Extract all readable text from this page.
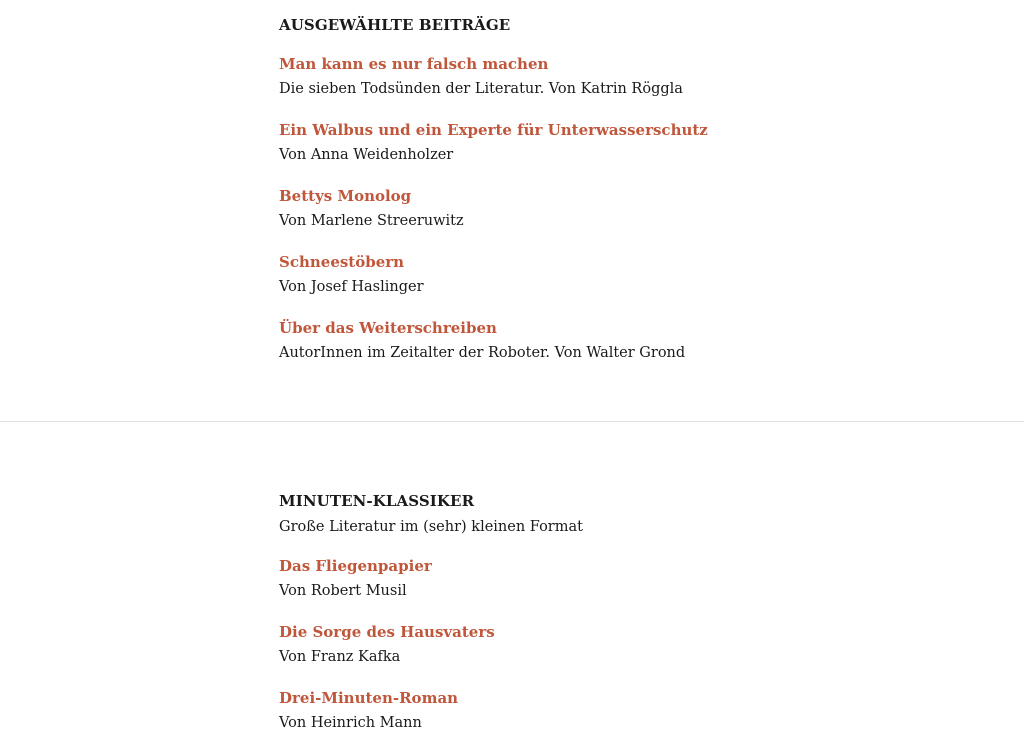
AUSGEWÄHLTE BEITRÄGE
Man kann es nur falsch machen
Die sieben Todsünden der Literatur. Von Katrin Röggla
Ein Walbus und ein Experte für Unterwasserschutz
Von Anna Weidenholzer
Bettys Monolog
Von Marlene Streeruwitz
Schneestöbern
Von Josef Haslinger
Über das Weiterschreiben
AutorInnen im Zeitalter der Roboter. Von Walter Grond
MINUTEN-KLASSIKER

Große Literatur im (sehr) kleinen Format

Das Fliegenpapier
Von Robert Musil
Die Sorge des Hausvaters
Von Franz Kafka
Drei-Minuten-Roman
Von Heinrich Mann
